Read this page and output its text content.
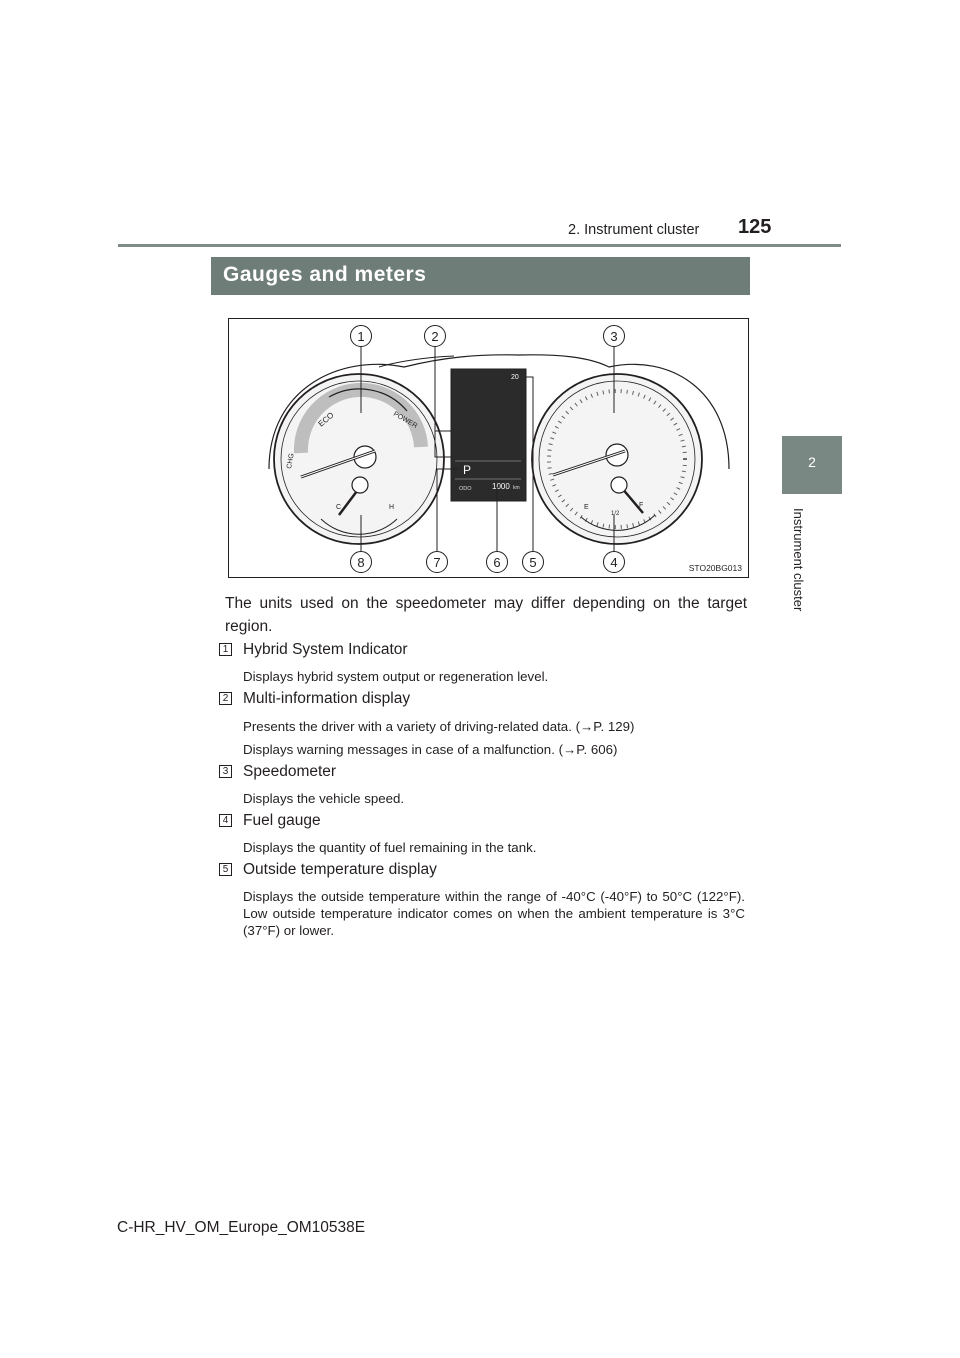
2. Instrument cluster 125
2
Instrument cluster
Gauges and meters
ECO	POWER
CHG
C	H
P
20
ODO	1000 km
E
1/2
F
1	2	3
4
5
6
7
8	STO20BG013
The units used on the speedometer may differ depending on the target region.
1 Hybrid System Indicator
Displays hybrid system output or regeneration level.
2 Multi-information display
Presents the driver with a variety of driving-related data. (→P. 129)
Displays warning messages in case of a malfunction. (→P. 606)
3 Speedometer
Displays the vehicle speed.
4 Fuel gauge
Displays the quantity of fuel remaining in the tank.
5 Outside temperature display
Displays the outside temperature within the range of -40°C (-40°F) to 50°C (122°F). Low outside temperature indicator comes on when the ambient temperature is 3°C (37°F) or lower.
C-HR_HV_OM_Europe_OM10538E
